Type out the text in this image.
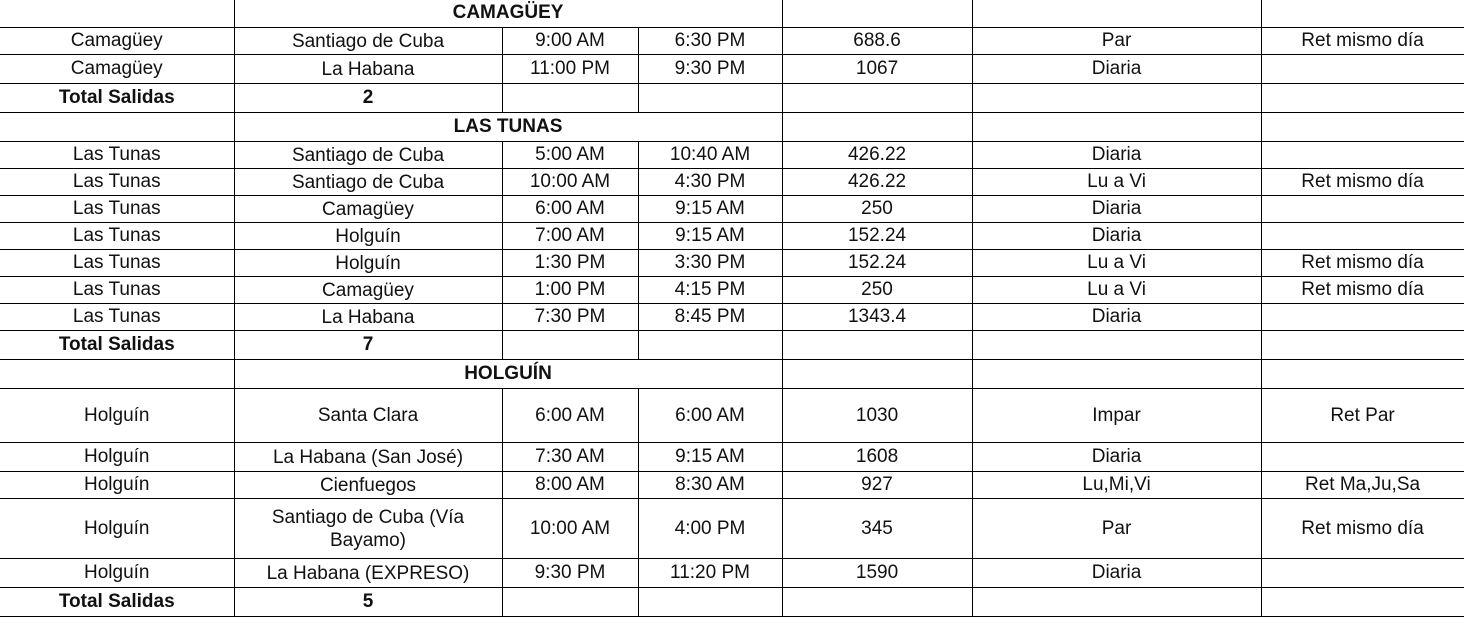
	CAMAGÜEY					
Camagüey	Santiago de Cuba	9:00 AM	6:30 PM	688.6	Par	Ret mismo día
Camagüey	La Habana	11:00 PM	9:30 PM	1067	Diaria	
Total Salidas	2					
	LAS TUNAS					
Las Tunas	Santiago de Cuba	5:00 AM	10:40 AM	426.22	Diaria	
Las Tunas	Santiago de Cuba	10:00 AM	4:30 PM	426.22	Lu a Vi	Ret mismo día
Las Tunas	Camagüey	6:00 AM	9:15 AM	250	Diaria	
Las Tunas	Holguín	7:00 AM	9:15 AM	152.24	Diaria	
Las Tunas	Holguín	1:30 PM	3:30 PM	152.24	Lu a Vi	Ret mismo día
Las Tunas	Camagüey	1:00 PM	4:15 PM	250	Lu a Vi	Ret mismo día
Las Tunas	La Habana	7:30 PM	8:45 PM	1343.4	Diaria	
Total Salidas	7					
	HOLGUÍN					
Holguín	Santa Clara	6:00 AM	6:00 AM	1030	Impar	Ret Par
Holguín	La Habana (San José)	7:30 AM	9:15 AM	1608	Diaria	
Holguín	Cienfuegos	8:00 AM	8:30 AM	927	Lu,Mi,Vi	Ret Ma,Ju,Sa
Holguín	Santiago de Cuba (Vía Bayamo)	10:00 AM	4:00 PM	345	Par	Ret mismo día
Holguín	La Habana (EXPRESO)	9:30 PM	11:20 PM	1590	Diaria	
Total Salidas	5					
